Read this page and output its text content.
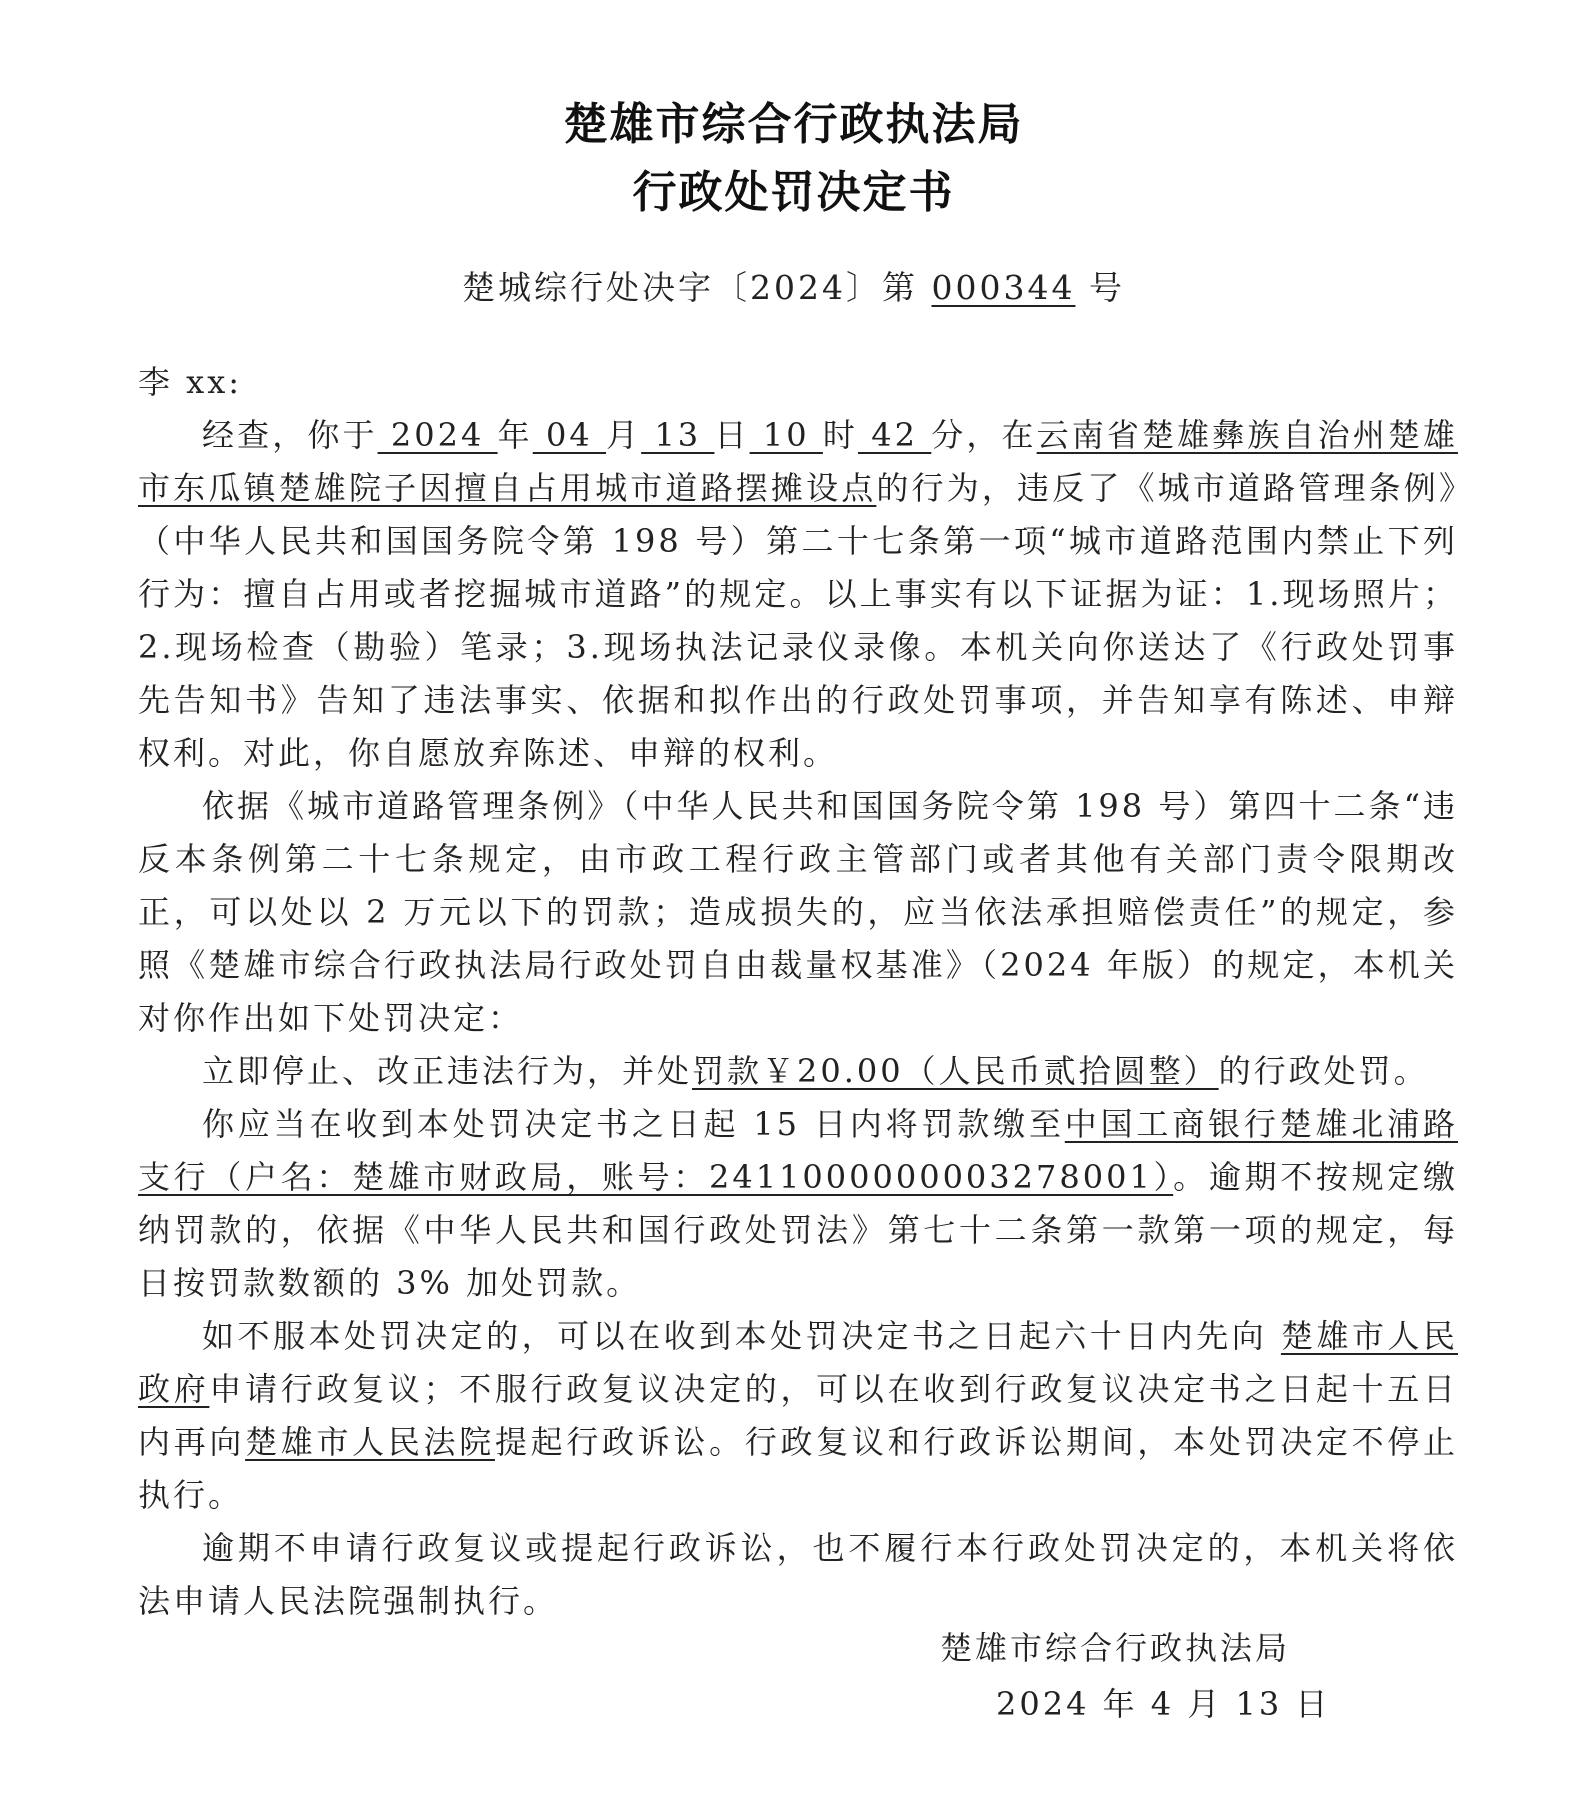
楚雄市综合行政执法局
行政处罚决定书
楚城综行处决字〔2024〕第 000344 号

李 xx:

经查，你于 2024 年 04 月 13 日 10 时 42 分，在云南省楚雄彝族自治州楚雄市东瓜镇楚雄院子因擅自占用城市道路摆摊设点的行为，违反了《城市道路管理条例》（中华人民共和国国务院令第 198 号）第二十七条第一项“城市道路范围内禁止下列行为：擅自占用或者挖掘城市道路”的规定。以上事实有以下证据为证：1.现场照片；2.现场检查（勘验）笔录；3.现场执法记录仪录像。本机关向你送达了《行政处罚事先告知书》告知了违法事实、依据和拟作出的行政处罚事项，并告知享有陈述、申辩权利。对此，你自愿放弃陈述、申辩的权利。

依据《城市道路管理条例》（中华人民共和国国务院令第 198 号）第四十二条“违反本条例第二十七条规定，由市政工程行政主管部门或者其他有关部门责令限期改正，可以处以 2 万元以下的罚款；造成损失的，应当依法承担赔偿责任”的规定，参照《楚雄市综合行政执法局行政处罚自由裁量权基准》（2024 年版）的规定，本机关对你作出如下处罚决定：

立即停止、改正违法行为，并处罚款￥20.00（人民币贰拾圆整）的行政处罚。

你应当在收到本处罚决定书之日起 15 日内将罚款缴至中国工商银行楚雄北浦路支行（户名：楚雄市财政局，账号：2411000000003278001）。逾期不按规定缴纳罚款的，依据《中华人民共和国行政处罚法》第七十二条第一款第一项的规定，每日按罚款数额的 3% 加处罚款。

如不服本处罚决定的，可以在收到本处罚决定书之日起六十日内先向 楚雄市人民政府申请行政复议；不服行政复议决定的，可以在收到行政复议决定书之日起十五日内再向楚雄市人民法院提起行政诉讼。行政复议和行政诉讼期间，本处罚决定不停止执行。

逾期不申请行政复议或提起行政诉讼，也不履行本行政处罚决定的，本机关将依法申请人民法院强制执行。

楚雄市综合行政执法局
2024 年 4 月 13 日
